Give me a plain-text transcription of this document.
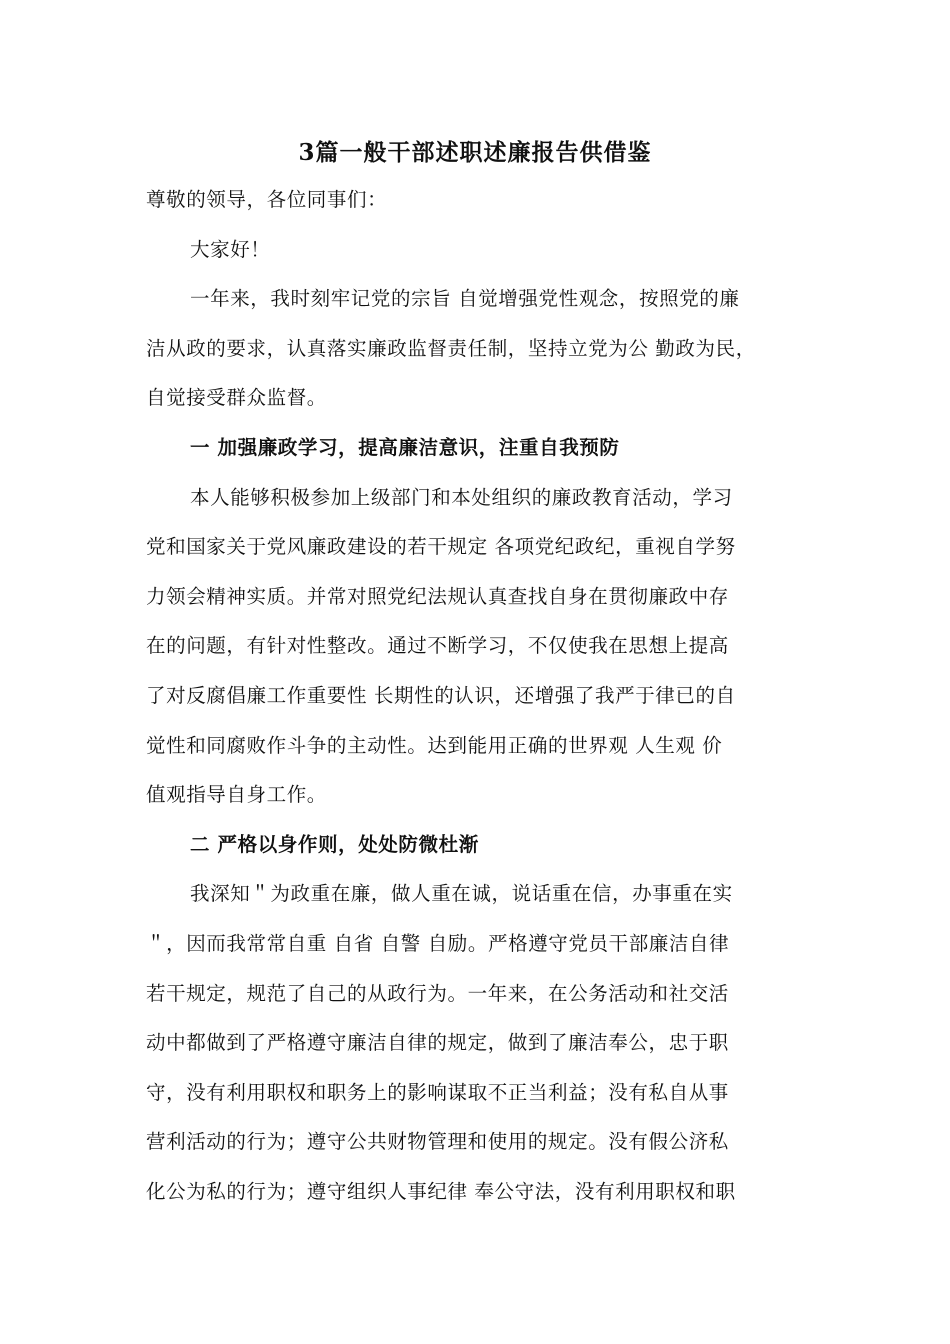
3篇一般干部述职述廉报告供借鉴
尊敬的领导，各位同事们：
大家好！
一年来，我时刻牢记党的宗旨 自觉增强党性观念，按照党的廉
洁从政的要求，认真落实廉政监督责任制，坚持立党为公 勤政为民，
自觉接受群众监督。
一 加强廉政学习，提高廉洁意识，注重自我预防
本人能够积极参加上级部门和本处组织的廉政教育活动，学习
党和国家关于党风廉政建设的若干规定 各项党纪政纪，重视自学努
力领会精神实质。并常对照党纪法规认真查找自身在贯彻廉政中存
在的问题，有针对性整改。通过不断学习，不仅使我在思想上提高
了对反腐倡廉工作重要性 长期性的认识，还增强了我严于律已的自
觉性和同腐败作斗争的主动性。达到能用正确的世界观 人生观 价
值观指导自身工作。
二 严格以身作则，处处防微杜渐
我深知＂为政重在廉，做人重在诚，说话重在信，办事重在实
＂，因而我常常自重 自省 自警 自励。严格遵守党员干部廉洁自律
若干规定，规范了自己的从政行为。一年来，在公务活动和社交活
动中都做到了严格遵守廉洁自律的规定，做到了廉洁奉公，忠于职
守，没有利用职权和职务上的影响谋取不正当利益；没有私自从事
营利活动的行为；遵守公共财物管理和使用的规定。没有假公济私
化公为私的行为；遵守组织人事纪律 奉公守法，没有利用职权和职
